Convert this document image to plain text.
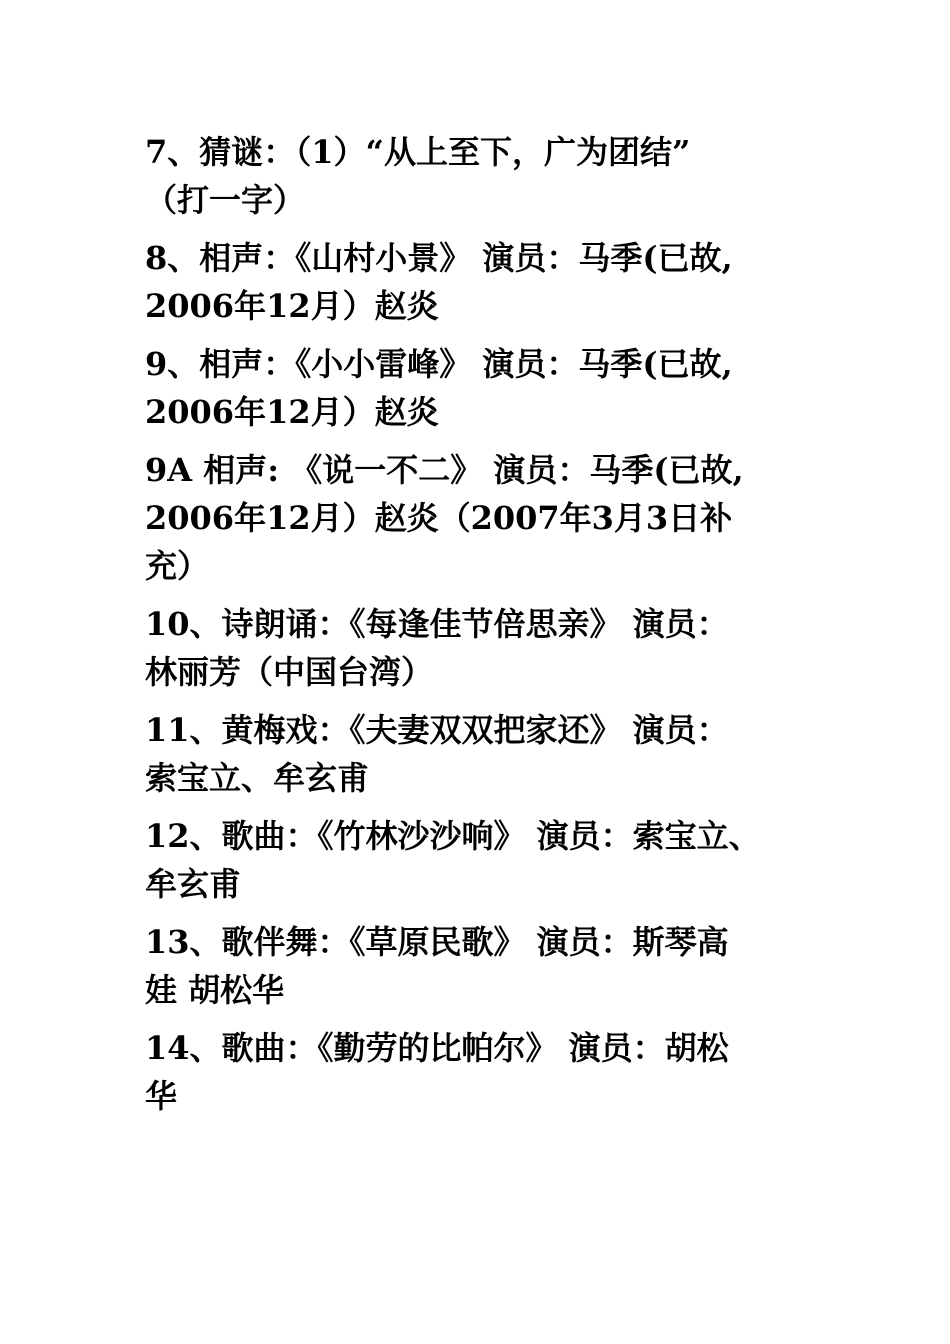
7、猜谜：（1）“从上至下，广为团结”
（打一字）
8、相声：《山村小景》 演员：马季(已故,
2006年12月）赵炎
9、相声：《小小雷峰》 演员：马季(已故,
2006年12月）赵炎
9A 相声: 《说一不二》 演员：马季(已故,
2006年12月）赵炎（2007年3月3日补
充）
10、诗朗诵：《每逢佳节倍思亲》 演员：
林丽芳（中国台湾）
11、黄梅戏：《夫妻双双把家还》 演员：
索宝立、牟玄甫
12、歌曲：《竹林沙沙响》 演员：索宝立、
牟玄甫
13、歌伴舞：《草原民歌》 演员：斯琴高
娃 胡松华
14、歌曲：《勤劳的比帕尔》 演员：胡松
华
